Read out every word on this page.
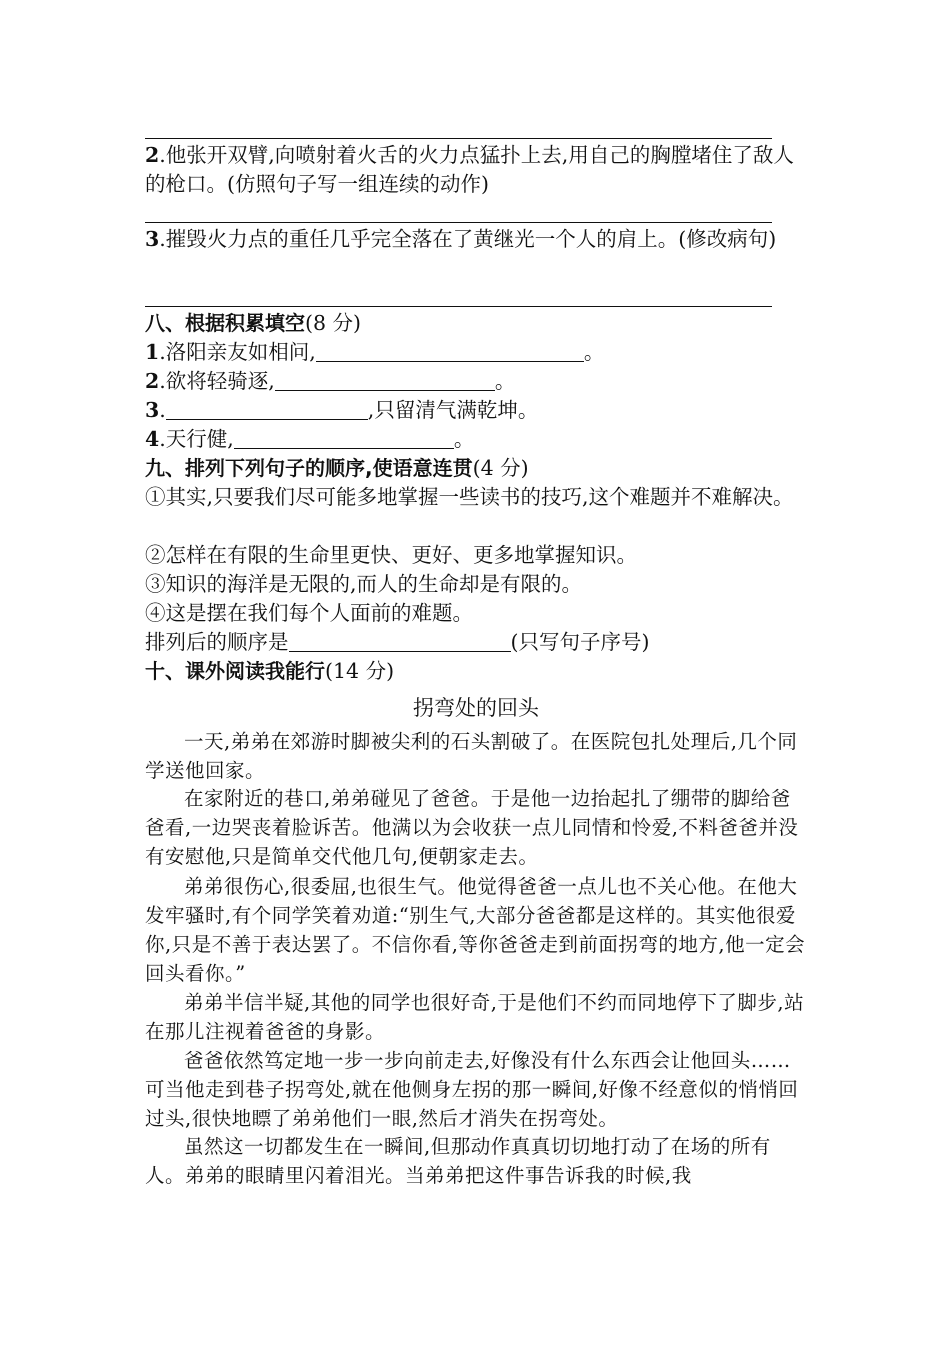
2.他张开双臂,向喷射着火舌的火力点猛扑上去,用自己的胸膛堵住了敌人的枪口。(仿照句子写一组连续的动作)
3.摧毁火力点的重任几乎完全落在了黄继光一个人的肩上。(修改病句)
八、根据积累填空(8 分)
1.洛阳亲友如相问,	。
2.欲将轻骑逐,	。
3.	,只留清气满乾坤。
4.天行健,	。
九、排列下列句子的顺序,使语意连贯(4 分)
①其实,只要我们尽可能多地掌握一些读书的技巧,这个难题并不难解决。
②怎样在有限的生命里更快、更好、更多地掌握知识。
③知识的海洋是无限的,而人的生命却是有限的。
④这是摆在我们每个人面前的难题。
排列后的顺序是	(只写句子序号)
十、课外阅读我能行(14 分)
拐弯处的回头
一天,弟弟在郊游时脚被尖利的石头割破了。在医院包扎处理后,几个同学送他回家。
在家附近的巷口,弟弟碰见了爸爸。于是他一边抬起扎了绷带的脚给爸爸看,一边哭丧着脸诉苦。他满以为会收获一点儿同情和怜爱,不料爸爸并没有安慰他,只是简单交代他几句,便朝家走去。
弟弟很伤心,很委屈,也很生气。他觉得爸爸一点儿也不关心他。在他大发牢骚时,有个同学笑着劝道:“别生气,大部分爸爸都是这样的。其实他很爱你,只是不善于表达罢了。不信你看,等你爸爸走到前面拐弯的地方,他一定会回头看你。”
弟弟半信半疑,其他的同学也很好奇,于是他们不约而同地停下了脚步,站在那儿注视着爸爸的身影。
爸爸依然笃定地一步一步向前走去,好像没有什么东西会让他回头……可当他走到巷子拐弯处,就在他侧身左拐的那一瞬间,好像不经意似的悄悄回过头,很快地瞟了弟弟他们一眼,然后才消失在拐弯处。
虽然这一切都发生在一瞬间,但那动作真真切切地打动了在场的所有人。弟弟的眼睛里闪着泪光。当弟弟把这件事告诉我的时候,我
